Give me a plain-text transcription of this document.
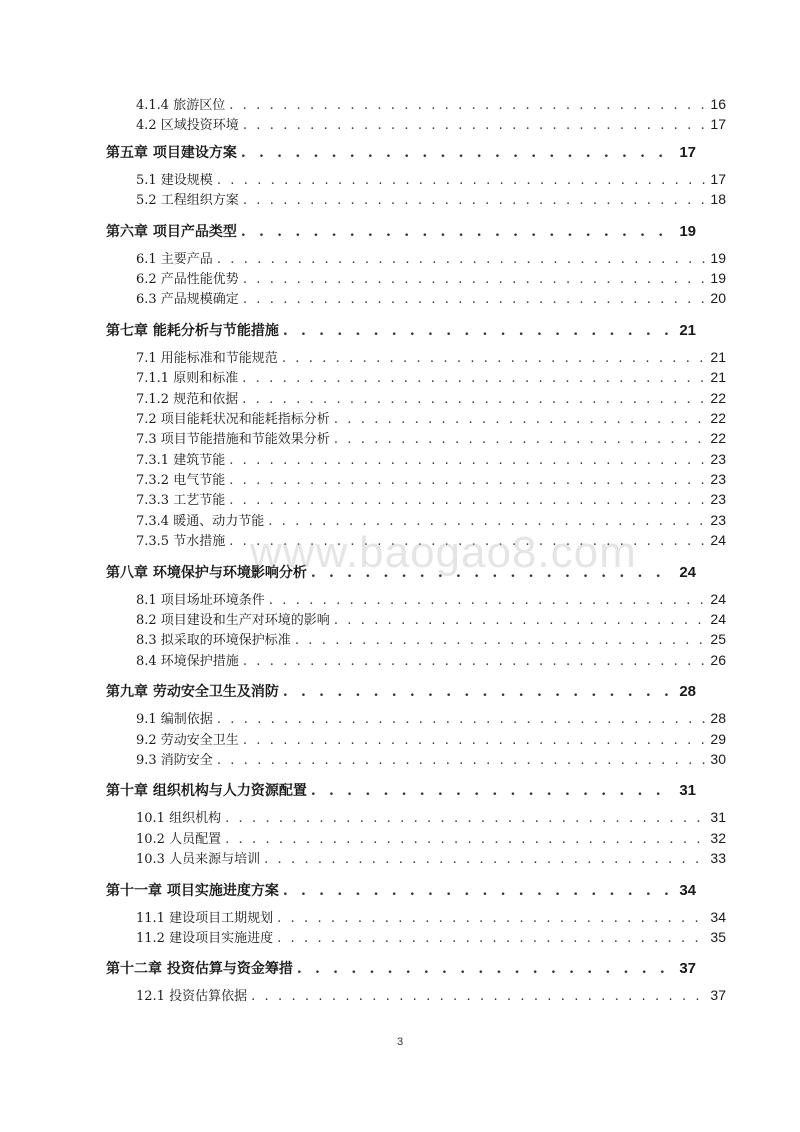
4.1.4 旅游区位 . . .	16
4.2 区域投资环境 . . .	17
第五章 项目建设方案 . . .	17
5.1 建设规模 . . .	17
5.2 工程组织方案 . . .	18
第六章 项目产品类型 . . .	19
6.1 主要产品 . . .	19
6.2 产品性能优势 . . .	19
6.3 产品规模确定 . . .	20
第七章 能耗分析与节能措施 . . .	21
7.1 用能标准和节能规范 . . .	21
7.1.1 原则和标准 . . .	21
7.1.2 规范和依据 . . .	22
7.2 项目能耗状况和能耗指标分析 . . .	22
7.3 项目节能措施和节能效果分析 . . .	22
7.3.1 建筑节能 . . .	23
7.3.2 电气节能 . . .	23
7.3.3 工艺节能 . . .	23
7.3.4 暖通、动力节能 . . .	23
7.3.5 节水措施 . . .	24
第八章 环境保护与环境影响分析 . . .	24
8.1 项目场址环境条件 . . .	24
8.2 项目建设和生产对环境的影响 . . .	24
8.3 拟采取的环境保护标准 . . .	25
8.4 环境保护措施 . . .	26
第九章 劳动安全卫生及消防 . . .	28
9.1 编制依据 . . .	28
9.2 劳动安全卫生 . . .	29
9.3 消防安全 . . .	30
第十章 组织机构与人力资源配置 . . .	31
10.1 组织机构 . . .	31
10.2 人员配置 . . .	32
10.3 人员来源与培训 . . .	33
第十一章 项目实施进度方案 . . .	34
11.1 建设项目工期规划 . . .	34
11.2 建设项目实施进度 . . .	35
第十二章 投资估算与资金筹措 . . .	37
12.1 投资估算依据 . . .	37
www.baogao8.com
3
